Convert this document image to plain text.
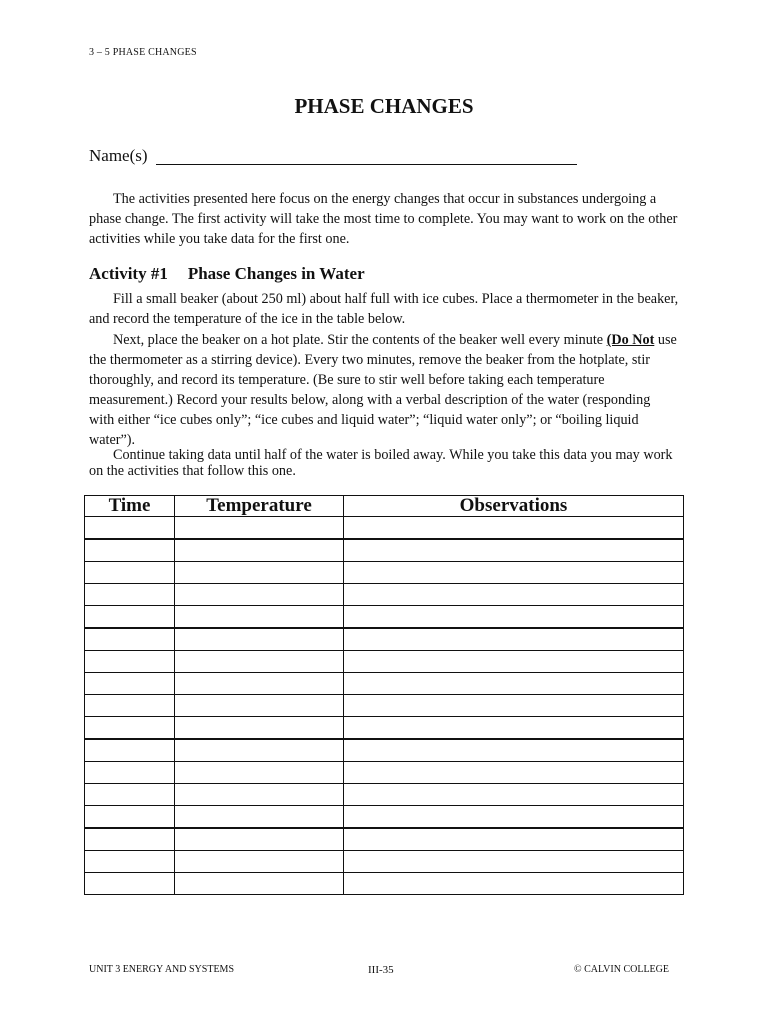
3 – 5 PHASE CHANGES
PHASE CHANGES
Name(s)

The activities presented here focus on the energy changes that occur in substances undergoing a phase change. The first activity will take the most time to complete. You may want to work on the other activities while you take data for the first one.

Activity #1 Phase Changes in Water

Fill a small beaker (about 250 ml) about half full with ice cubes. Place a thermometer in the beaker, and record the temperature of the ice in the table below.

Next, place the beaker on a hot plate. Stir the contents of the beaker well every minute (Do Not use the thermometer as a stirring device). Every two minutes, remove the beaker from the hotplate, stir thoroughly, and record its temperature. (Be sure to stir well before taking each temperature measurement.) Record your results below, along with a verbal description of the water (responding with either “ice cubes only”; “ice cubes and liquid water”; “liquid water only”; or “boiling liquid water”).

Continue taking data until half of the water is boiled away. While you take this data you may work on the activities that follow this one.

Time	Temperature	Observations

UNIT 3 ENERGY AND SYSTEMS	III-35	© CALVIN COLLEGE
